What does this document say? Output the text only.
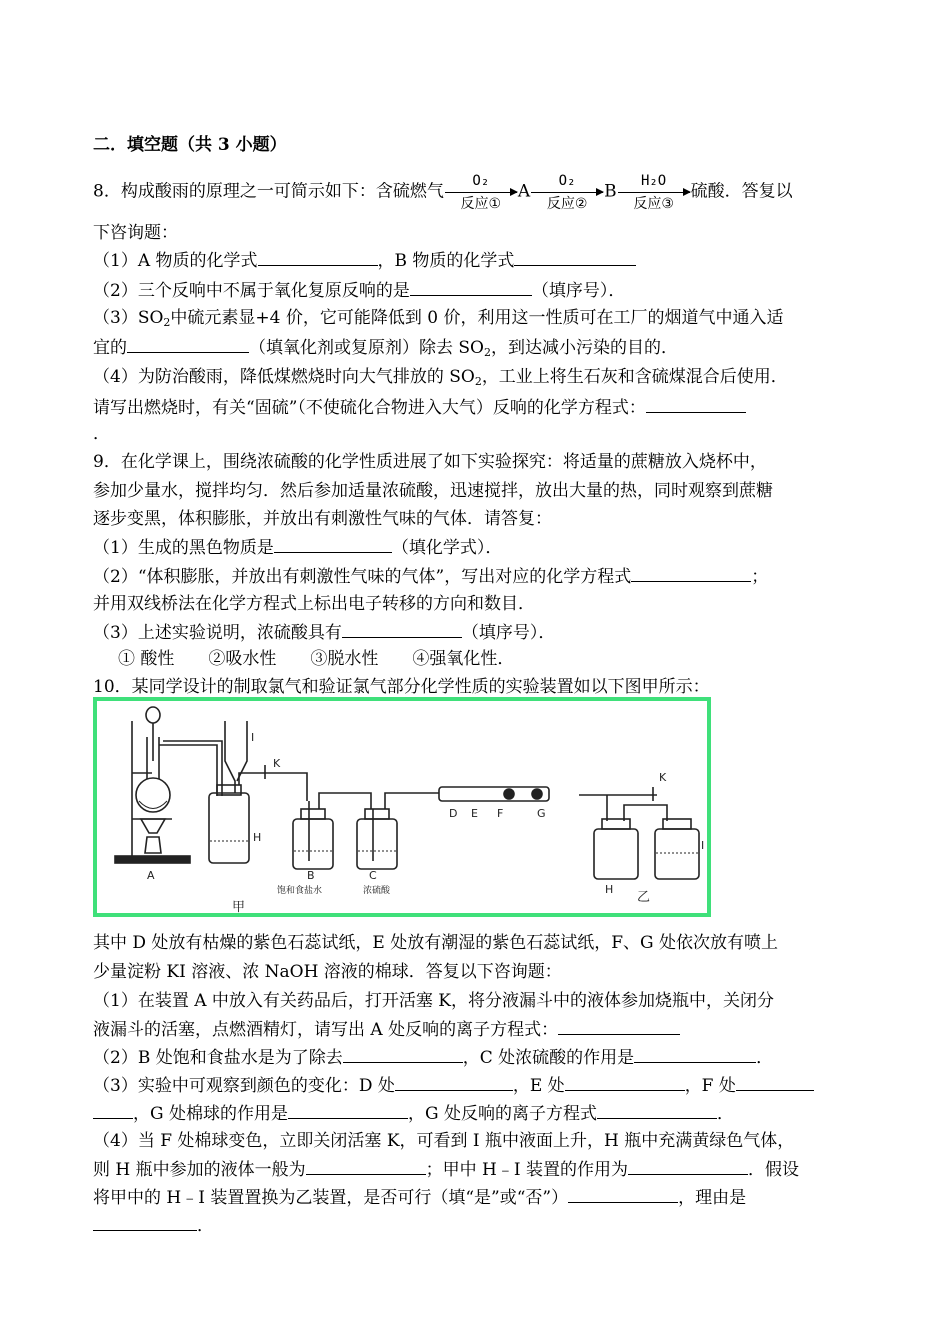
二．填空题（共 3 小题）
8．构成酸雨的原理之一可简示如下：含硫燃气
O₂
反应①
A
O₂
反应②
B
H₂O
反应③
硫酸．答复以
下咨询题：
（1）A 物质的化学式	，B 物质的化学式
（2）三个反响中不属于氧化复原反响的是	（填序号）．
$(3)SO_2$中硫元素显+4 价，它可能降低到 0 价，利用这一性质可在工厂的烟道气中通入适
宜的	（填氧化剂或复原剂）除去 $SO_2$，到达减小污染的目的．
（4）为防治酸雨，降低煤燃烧时向大气排放的 $SO_2$，工业上将生石灰和含硫煤混合后使用．
请写出燃烧时，有关“固硫”（不使硫化合物进入大气）反响的化学方程式：
．
9．在化学课上，围绕浓硫酸的化学性质进展了如下实验探究：将适量的蔗糖放入烧杯中，
参加少量水，搅拌均匀．然后参加适量浓硫酸，迅速搅拌，放出大量的热，同时观察到蔗糖
逐步变黑，体积膨胀，并放出有刺激性气味的气体．请答复：
（1）生成的黑色物质是	（填化学式）．
（2）“体积膨胀，并放出有刺激性气味的气体”，写出对应的化学方程式	；
并用双线桥法在化学方程式上标出电子转移的方向和数目．
（3）上述实验说明，浓硫酸具有	（填序号）．
① 酸性　　②吸水性　　③脱水性　　④强氧化性．
10．某同学设计的制取氯气和验证氯气部分化学性质的实验装置如以下图甲所示：
I
K
H
A	B
饱和食盐水
C
浓硫酸
D E F	G
甲
K
I
H
乙
其中 D 处放有枯燥的紫色石蕊试纸，E 处放有潮湿的紫色石蕊试纸，F、G 处依次放有喷上
少量淀粉 KI 溶液、浓 NaOH 溶液的棉球．答复以下咨询题：
（1）在装置 A 中放入有关药品后，打开活塞 K，将分液漏斗中的液体参加烧瓶中，关闭分
液漏斗的活塞，点燃酒精灯，请写出 A 处反响的离子方程式：
（2）B 处饱和食盐水是为了除去	，C 处浓硫酸的作用是	．
（3）实验中可观察到颜色的变化：D 处	，E 处	，F 处
，G 处棉球的作用是	，G 处反响的离子方程式	．
（4）当 F 处棉球变色，立即关闭活塞 K，可看到 I 瓶中液面上升，H 瓶中充满黄绿色气体，
则 H 瓶中参加的液体一般为	；甲中 H﹣I 装置的作用为	．假设
将甲中的 H﹣I 装置置换为乙装置，是否可行（填“是”或“否”）	，理由是
．
